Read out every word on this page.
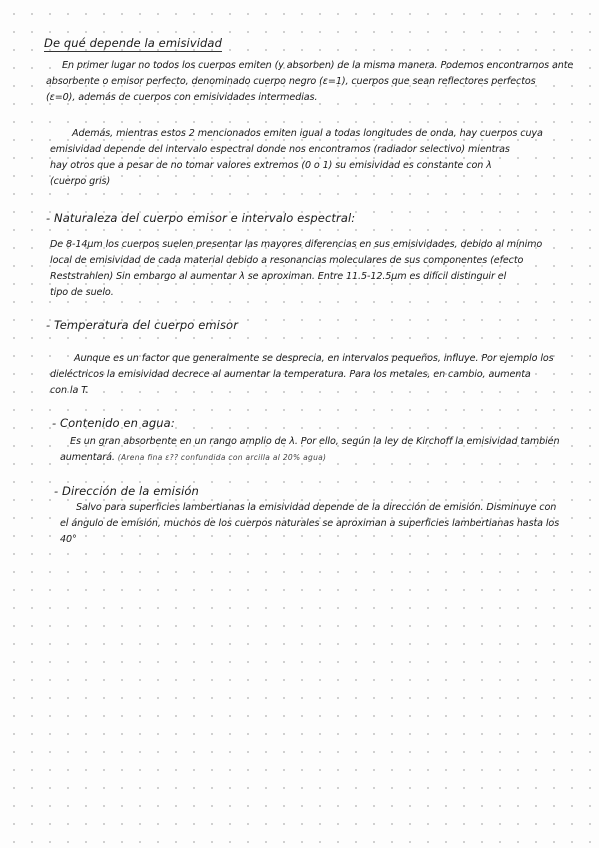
De qué depende la emisividad
En primer lugar no todos los cuerpos emiten (y absorben) de la misma manera. Podemos encontrarnos ante
absorbente o emisor perfecto, denominado cuerpo negro (ε=1), cuerpos que sean reflectores perfectos
(ε=0), además de cuerpos con emisividades intermedias.
Además, mientras estos 2 mencionados emiten igual a todas longitudes de onda, hay cuerpos cuya
emisividad depende del intervalo espectral donde nos encontramos (radiador selectivo) mientras
hay otros que a pesar de no tomar valores extremos (0 o 1) su emisividad es constante con λ
(cuerpo gris)
- Naturaleza del cuerpo emisor e intervalo espectral:
De 8-14μm los cuerpos suelen presentar las mayores diferencias en sus emisividades, debido al mínimo
local de emisividad de cada material debido a resonancias moleculares de sus componentes (efecto
Reststrahlen) Sin embargo al aumentar λ se aproximan. Entre 11.5-12.5μm es difícil distinguir el
tipo de suelo.
- Temperatura del cuerpo emisor
Aunque es un factor que generalmente se desprecia, en intervalos pequeños, influye. Por ejemplo los
dieléctricos la emisividad decrece al aumentar la temperatura. Para los metales, en cambio, aumenta
con la T.
- Contenido en agua:
Es un gran absorbente en un rango amplio de λ. Por ello, según la ley de Kirchoff la emisividad también
aumentará. (Arena fina ε?? confundida con arcilla al 20% agua)
- Dirección de la emisión
Salvo para superficies lambertianas la emisividad depende de la dirección de emisión. Disminuye con
el ángulo de emisión, muchos de los cuerpos naturales se aproximan a superficies lambertianas hasta los
40°
